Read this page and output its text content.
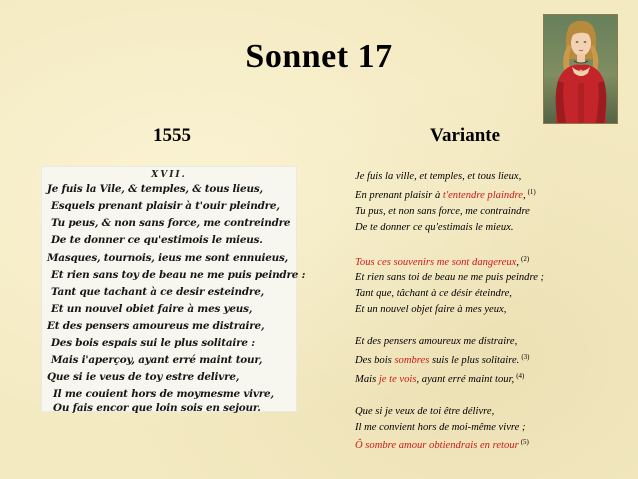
Sonnet 17
1555	Variante
XVII.
Je fuis la Vile, & temples, & tous lieus,
Esquels prenant plaisir à t'ouir pleindre,
Tu peus, & non sans force, me contreindre
De te donner ce qu'estimois le mieus.
Masques, tournois, ieus me sont ennuieus,
Et rien sans toy de beau ne me puis peindre :
Tant que tachant à ce desir esteindre,
Et un nouvel obiet faire à mes yeus,
Et des pensers amoureus me distraire,
Des bois espais sui le plus solitaire :
Mais i'aperçoy, ayant erré maint tour,
Que si ie veus de toy estre delivre,
Il me couient hors de moymesme vivre,
Ou fais encor que loin sois en sejour.
Je fuis la ville, et temples, et tous lieux,
En prenant plaisir à t'entendre plaindre, $^{(1)}$
Tu pus, et non sans force, me contraindre
De te donner ce qu'estimais le mieux.
Tous ces souvenirs me sont dangereux, $^{(2)}$
Et rien sans toi de beau ne me puis peindre ;
Tant que, tâchant à ce désir éteindre,
Et un nouvel objet faire à mes yeux,
Et des pensers amoureux me distraire,
Des bois sombres suis le plus solitaire. $^{(3)}$
Mais je te vois, ayant erré maint tour, $^{(4)}$
Que si je veux de toi être délivre,
Il me convient hors de moi-même vivre ;
Ô sombre amour obtiendrais en retour $^{(5)}$
